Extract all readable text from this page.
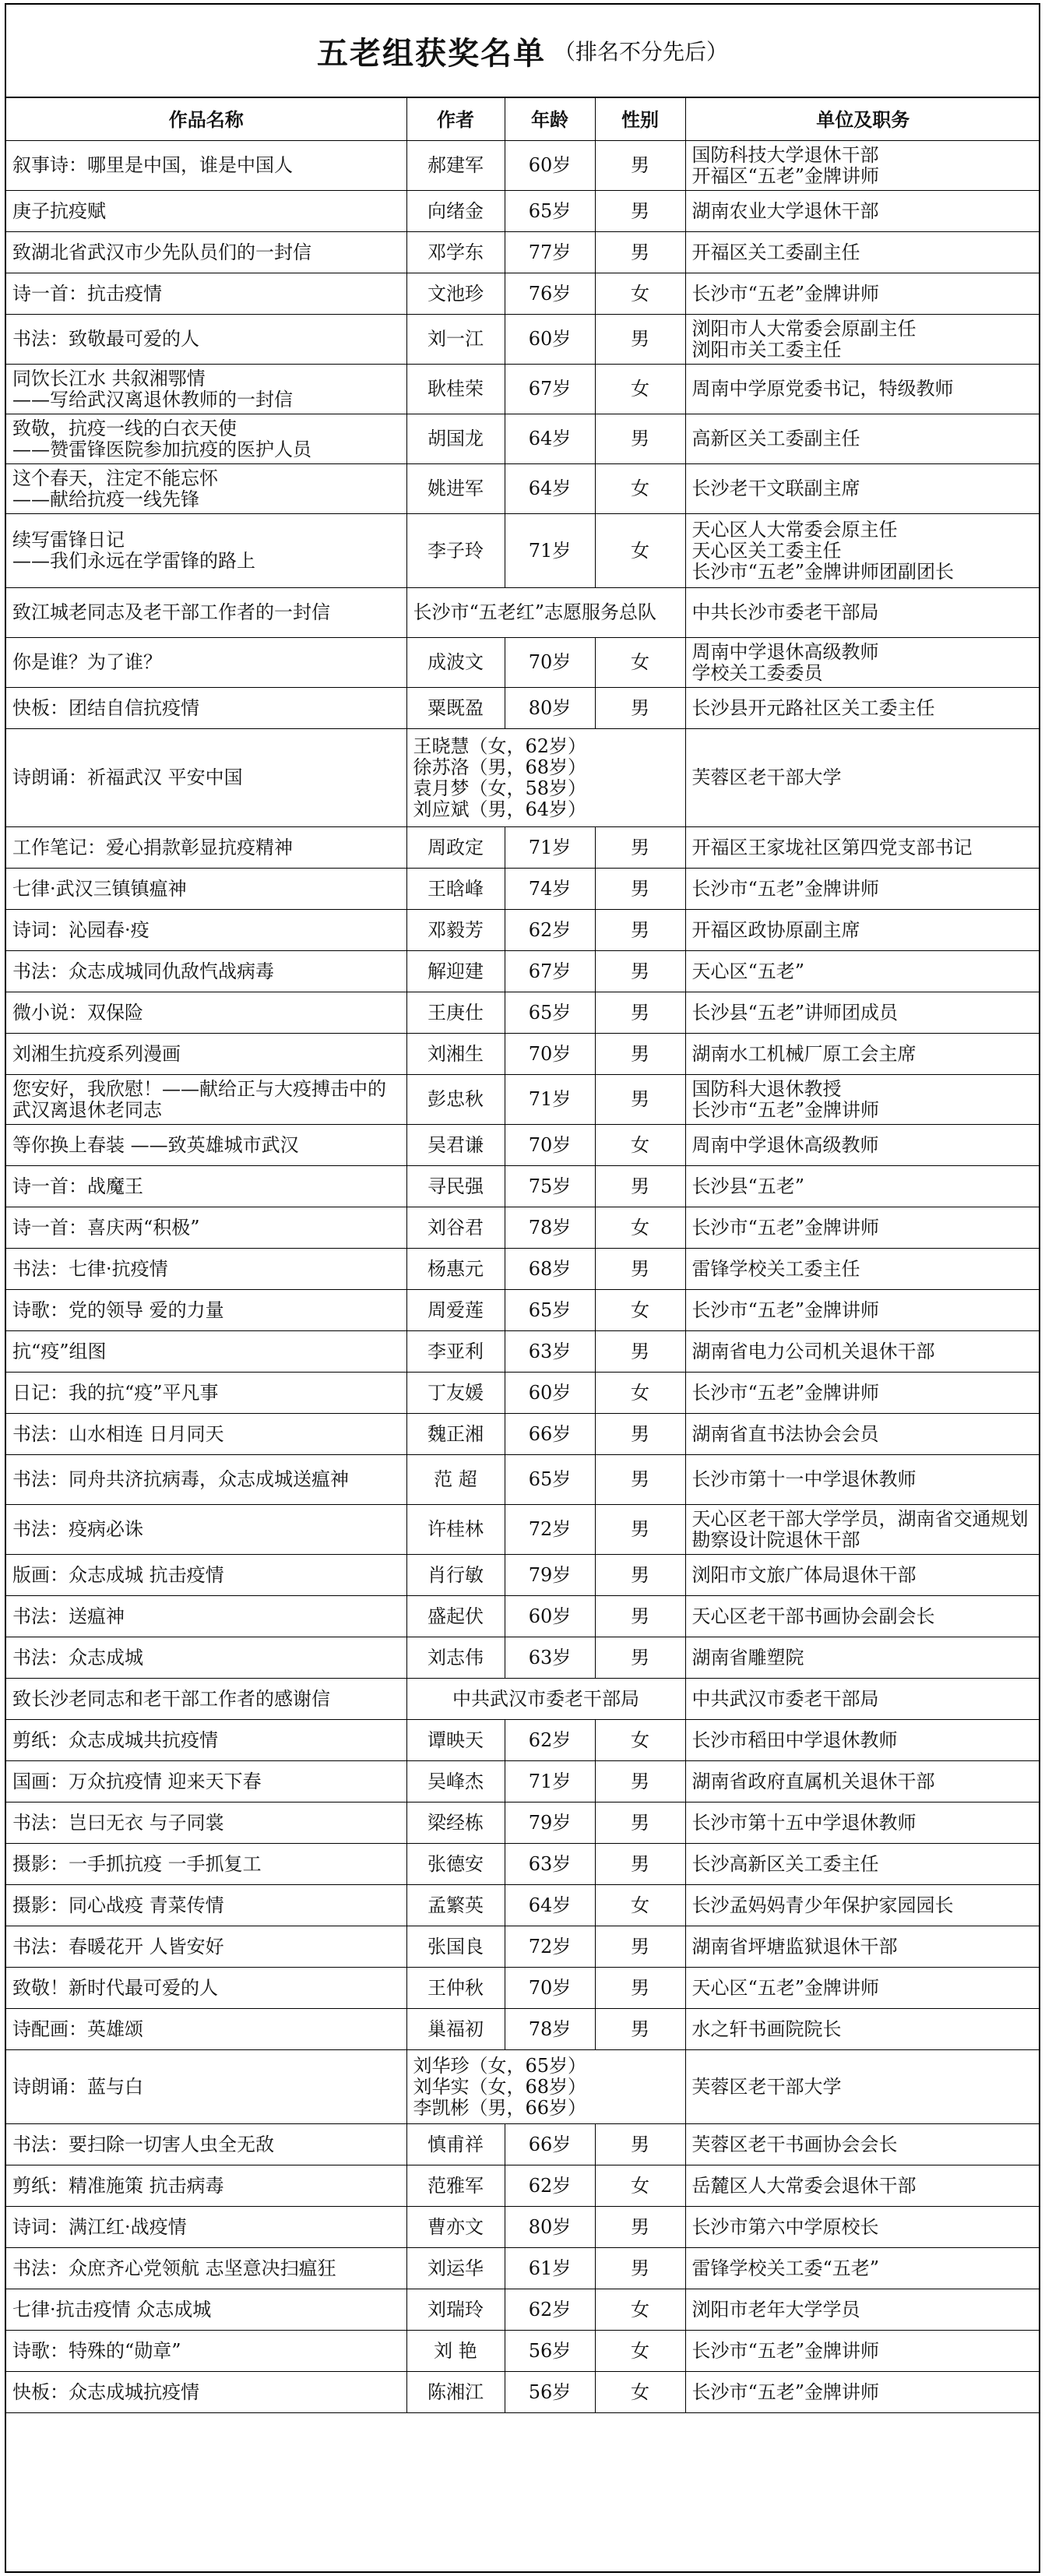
五老组获奖名单 （排名不分先后）
作品名称	作者	年龄	性别	单位及职务

叙事诗：哪里是中国，谁是中国人	郝建军	60岁	男	国防科技大学退休干部
开福区“五老”金牌讲师

庚子抗疫赋	向绪金	65岁	男	湖南农业大学退休干部

致湖北省武汉市少先队员们的一封信	邓学东	77岁	男	开福区关工委副主任

诗一首：抗击疫情	文池珍	76岁	女	长沙市“五老”金牌讲师

书法：致敬最可爱的人	刘一江	60岁	男	浏阳市人大常委会原副主任
浏阳市关工委主任

同饮长江水 共叙湘鄂情
——写给武汉离退休教师的一封信	耿桂荣	67岁	女	周南中学原党委书记，特级教师

致敬，抗疫一线的白衣天使
——赞雷锋医院参加抗疫的医护人员	胡国龙	64岁	男	高新区关工委副主任

这个春天，注定不能忘怀
——献给抗疫一线先锋	姚进军	64岁	女	长沙老干文联副主席

续写雷锋日记
——我们永远在学雷锋的路上	李子玲	71岁	女	天心区人大常委会原主任
天心区关工委主任
长沙市“五老”金牌讲师团副团长

致江城老同志及老干部工作者的一封信	长沙市“五老红”志愿服务总队			中共长沙市委老干部局

你是谁？为了谁？	成波文	70岁	女	周南中学退休高级教师
学校关工委委员

快板：团结自信抗疫情	粟既盈	80岁	男	长沙县开元路社区关工委主任

诗朗诵：祈福武汉 平安中国	王晓慧（女，62岁）
徐苏洛（男，68岁）
袁月梦（女，58岁）
刘应斌（男，64岁）			芙蓉区老干部大学

工作笔记：爱心捐款彰显抗疫精神	周政定	71岁	男	开福区王家垅社区第四党支部书记

七律·武汉三镇镇瘟神	王晗峰	74岁	男	长沙市“五老”金牌讲师

诗词：沁园春·疫	邓毅芳	62岁	男	开福区政协原副主席

书法：众志成城同仇敌忾战病毒	解迎建	67岁	男	天心区“五老”

微小说：双保险	王庚仕	65岁	男	长沙县“五老”讲师团成员

刘湘生抗疫系列漫画	刘湘生	70岁	男	湖南水工机械厂原工会主席

您安好，我欣慰！——献给正与大疫搏击中的武汉离退休老同志	彭忠秋	71岁	男	国防科大退休教授
长沙市“五老”金牌讲师

等你换上春装 ——致英雄城市武汉	吴君谦	70岁	女	周南中学退休高级教师

诗一首：战魔王	寻民强	75岁	男	长沙县“五老”

诗一首：喜庆两“积极”	刘谷君	78岁	女	长沙市“五老”金牌讲师

书法：七律·抗疫情	杨惠元	68岁	男	雷锋学校关工委主任

诗歌：党的领导 爱的力量	周爱莲	65岁	女	长沙市“五老”金牌讲师

抗“疫”组图	李亚利	63岁	男	湖南省电力公司机关退休干部

日记：我的抗“疫”平凡事	丁友媛	60岁	女	长沙市“五老”金牌讲师

书法：山水相连 日月同天	魏正湘	66岁	男	湖南省直书法协会会员

书法：同舟共济抗病毒，众志成城送瘟神	范 超	65岁	男	长沙市第十一中学退休教师

书法：疫病必诛	许桂林	72岁	男	天心区老干部大学学员，湖南省交通规划勘察设计院退休干部

版画：众志成城 抗击疫情	肖行敏	79岁	男	浏阳市文旅广体局退休干部

书法：送瘟神	盛起伏	60岁	男	天心区老干部书画协会副会长

书法：众志成城	刘志伟	63岁	男	湖南省雕塑院

致长沙老同志和老干部工作者的感谢信	中共武汉市委老干部局			中共武汉市委老干部局

剪纸：众志成城共抗疫情	谭映天	62岁	女	长沙市稻田中学退休教师

国画：万众抗疫情 迎来天下春	吴峰杰	71岁	男	湖南省政府直属机关退休干部

书法：岂曰无衣 与子同裳	梁经栋	79岁	男	长沙市第十五中学退休教师

摄影：一手抓抗疫 一手抓复工	张德安	63岁	男	长沙高新区关工委主任

摄影：同心战疫 青菜传情	孟繁英	64岁	女	长沙孟妈妈青少年保护家园园长

书法：春暖花开 人皆安好	张国良	72岁	男	湖南省坪塘监狱退休干部

致敬！新时代最可爱的人	王仲秋	70岁	男	天心区“五老”金牌讲师

诗配画：英雄颂	巢福初	78岁	男	水之轩书画院院长

诗朗诵：蓝与白	刘华珍（女，65岁）
刘华实（女，68岁）
李凯彬（男，66岁）			芙蓉区老干部大学

书法：要扫除一切害人虫全无敌	慎甫祥	66岁	男	芙蓉区老干书画协会会长

剪纸：精准施策 抗击病毒	范雅军	62岁	女	岳麓区人大常委会退休干部

诗词：满江红·战疫情	曹亦文	80岁	男	长沙市第六中学原校长

书法：众庶齐心党领航 志坚意决扫瘟狂	刘运华	61岁	男	雷锋学校关工委“五老”

七律·抗击疫情 众志成城	刘瑞玲	62岁	女	浏阳市老年大学学员

诗歌：特殊的“勋章”	刘 艳	56岁	女	长沙市“五老”金牌讲师

快板：众志成城抗疫情	陈湘江	56岁	女	长沙市“五老”金牌讲师
